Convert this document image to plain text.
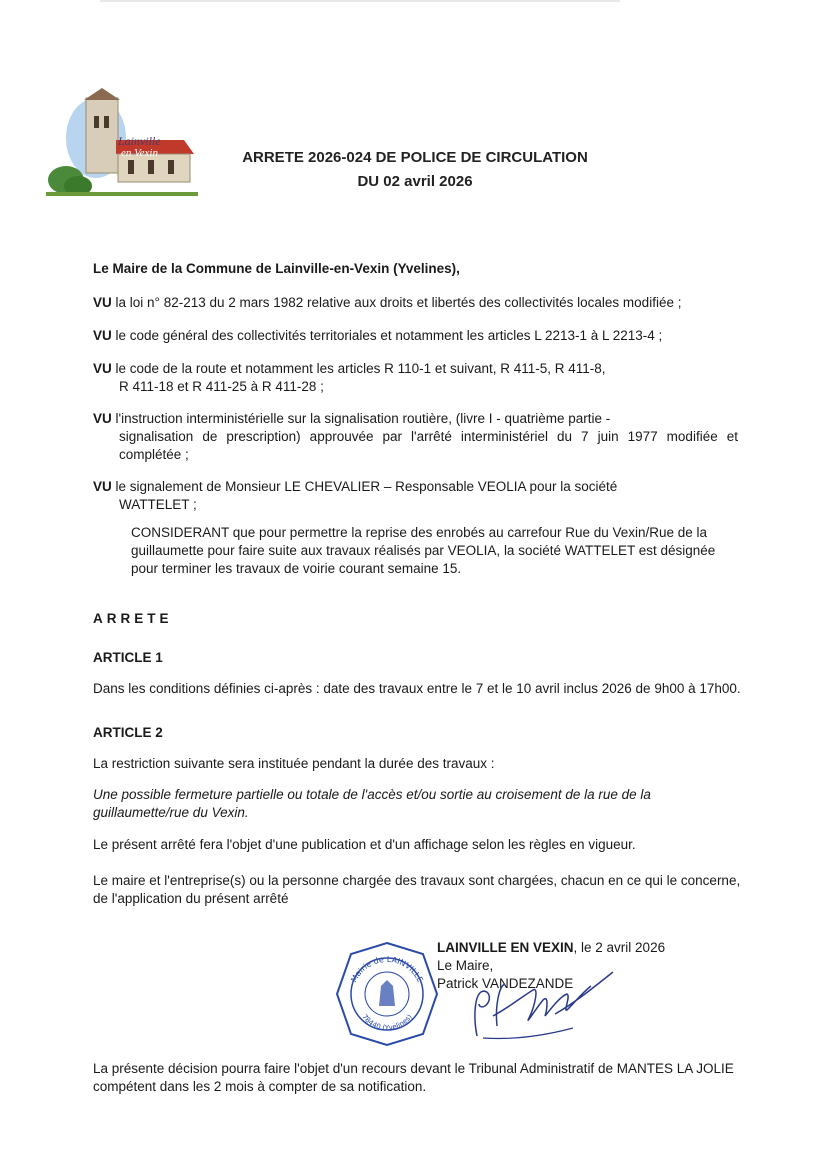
Lainville
en Vexin	ARRETE 2026-024 DE POLICE DE CIRCULATION
DU 02 avril 2026
Le Maire de la Commune de Lainville-en-Vexin (Yvelines),
VU la loi n° 82-213 du 2 mars 1982 relative aux droits et libertés des collectivités locales modifiée ;
VU le code général des collectivités territoriales et notamment les articles L 2213-1 à L 2213-4 ;
VU le code de la route et notamment les articles R 110-1 et suivant, R 411-5, R 411-8,
R 411-18 et R 411-25 à R 411-28 ;
VU l'instruction interministérielle sur la signalisation routière, (livre I - quatrième partie -
signalisation de prescription) approuvée par l'arrêté interministériel du 7 juin 1977 modifiée et complétée ;
VU le signalement de Monsieur LE CHEVALIER – Responsable VEOLIA pour la société
WATTELET ;
CONSIDERANT que pour permettre la reprise des enrobés au carrefour Rue du Vexin/Rue de la guillaumette pour faire suite aux travaux réalisés par VEOLIA, la société WATTELET est désignée pour terminer les travaux de voirie courant semaine 15.
ARRETE
ARTICLE 1
Dans les conditions définies ci-après : date des travaux entre le 7 et le 10 avril inclus 2026 de 9h00 à 17h00.
ARTICLE 2
La restriction suivante sera instituée pendant la durée des travaux :
Une possible fermeture partielle ou totale de l'accès et/ou sortie au croisement de la rue de la guillaumette/rue du Vexin.
Le présent arrêté fera l'objet d'une publication et d'un affichage selon les règles en vigueur.
Le maire et l'entreprise(s) ou la personne chargée des travaux sont chargées, chacun en ce qui le concerne, de l'application du présent arrêté
Mairie de LAINVILLE
78440 (Yvelines)
LAINVILLE EN VEXIN, le 2 avril 2026
Le Maire,
Patrick VANDEZANDE
La présente décision pourra faire l'objet d'un recours devant le Tribunal Administratif de MANTES LA JOLIE compétent dans les 2 mois à compter de sa notification.
